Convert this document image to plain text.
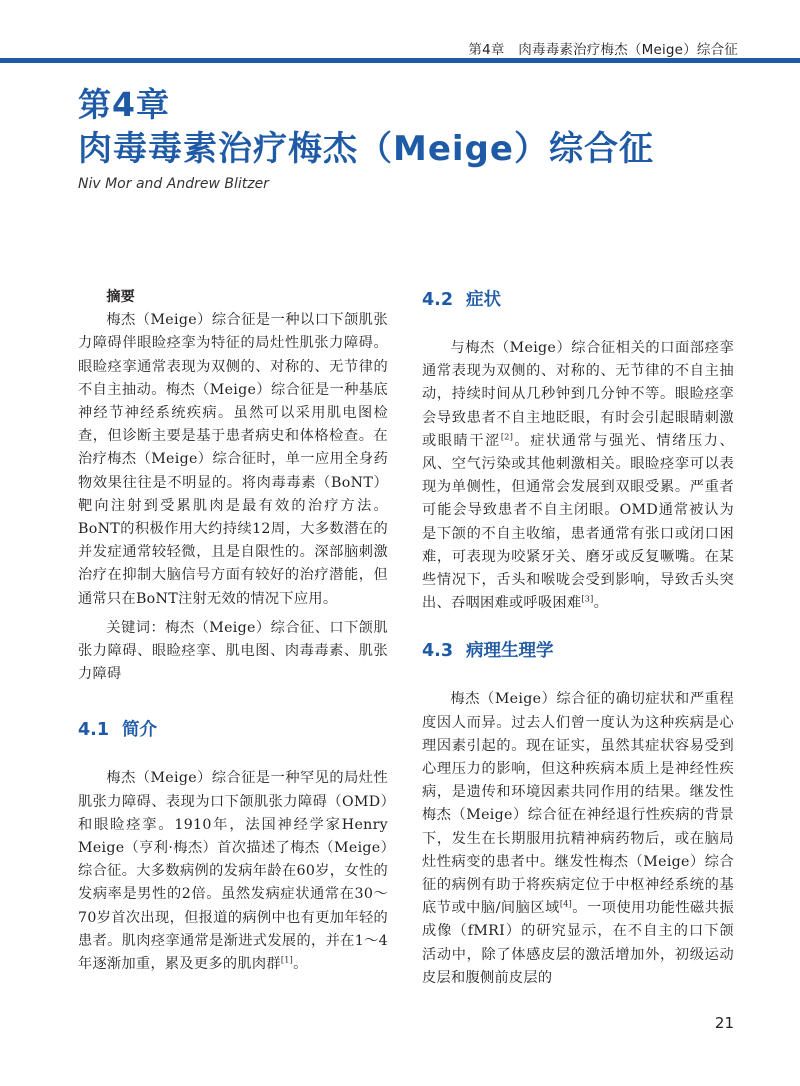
第4章　肉毒毒素治疗梅杰（Meige）综合征
第4章
肉毒毒素治疗梅杰（Meige）综合征
Niv Mor and Andrew Blitzer
摘要

梅杰（Meige）综合征是一种以口下颌肌张力障碍伴眼睑痉挛为特征的局灶性肌张力障碍。眼睑痉挛通常表现为双侧的、对称的、无节律的不自主抽动。梅杰（Meige）综合征是一种基底神经节神经系统疾病。虽然可以采用肌电图检查，但诊断主要是基于患者病史和体格检查。在治疗梅杰（Meige）综合征时，单一应用全身药物效果往往是不明显的。将肉毒毒素（BoNT）靶向注射到受累肌肉是最有效的治疗方法。BoNT的积极作用大约持续12周，大多数潜在的并发症通常较轻微，且是自限性的。深部脑刺激治疗在抑制大脑信号方面有较好的治疗潜能，但通常只在BoNT注射无效的情况下应用。

关键词：梅杰（Meige）综合征、口下颌肌张力障碍、眼睑痉挛、肌电图、肉毒毒素、肌张力障碍

4.1 简介

梅杰（Meige）综合征是一种罕见的局灶性肌张力障碍、表现为口下颌肌张力障碍（OMD）和眼睑痉挛。1910年，法国神经学家Henry Meige（亨利·梅杰）首次描述了梅杰（Meige）综合征。大多数病例的发病年龄在60岁，女性的发病率是男性的2倍。虽然发病症状通常在30～70岁首次出现，但报道的病例中也有更加年轻的患者。肌肉痉挛通常是渐进式发展的，并在1～4年逐渐加重，累及更多的肌肉群[1]。

4.2 症状

与梅杰（Meige）综合征相关的口面部痉挛通常表现为双侧的、对称的、无节律的不自主抽动，持续时间从几秒钟到几分钟不等。眼睑痉挛会导致患者不自主地眨眼，有时会引起眼睛刺激或眼睛干涩[2]。症状通常与强光、情绪压力、风、空气污染或其他刺激相关。眼睑痉挛可以表现为单侧性，但通常会发展到双眼受累。严重者可能会导致患者不自主闭眼。OMD通常被认为是下颌的不自主收缩，患者通常有张口或闭口困难，可表现为咬紧牙关、磨牙或反复噘嘴。在某些情况下，舌头和喉咙会受到影响，导致舌头突出、吞咽困难或呼吸困难[3]。

4.3 病理生理学

梅杰（Meige）综合征的确切症状和严重程度因人而异。过去人们曾一度认为这种疾病是心理因素引起的。现在证实，虽然其症状容易受到心理压力的影响，但这种疾病本质上是神经性疾病，是遗传和环境因素共同作用的结果。继发性梅杰（Meige）综合征在神经退行性疾病的背景下，发生在长期服用抗精神病药物后，或在脑局灶性病变的患者中。继发性梅杰（Meige）综合征的病例有助于将疾病定位于中枢神经系统的基底节或中脑/间脑区域[4]。一项使用功能性磁共振成像（fMRI）的研究显示，在不自主的口下颌活动中，除了体感皮层的激活增加外，初级运动皮层和腹侧前皮层的

21
